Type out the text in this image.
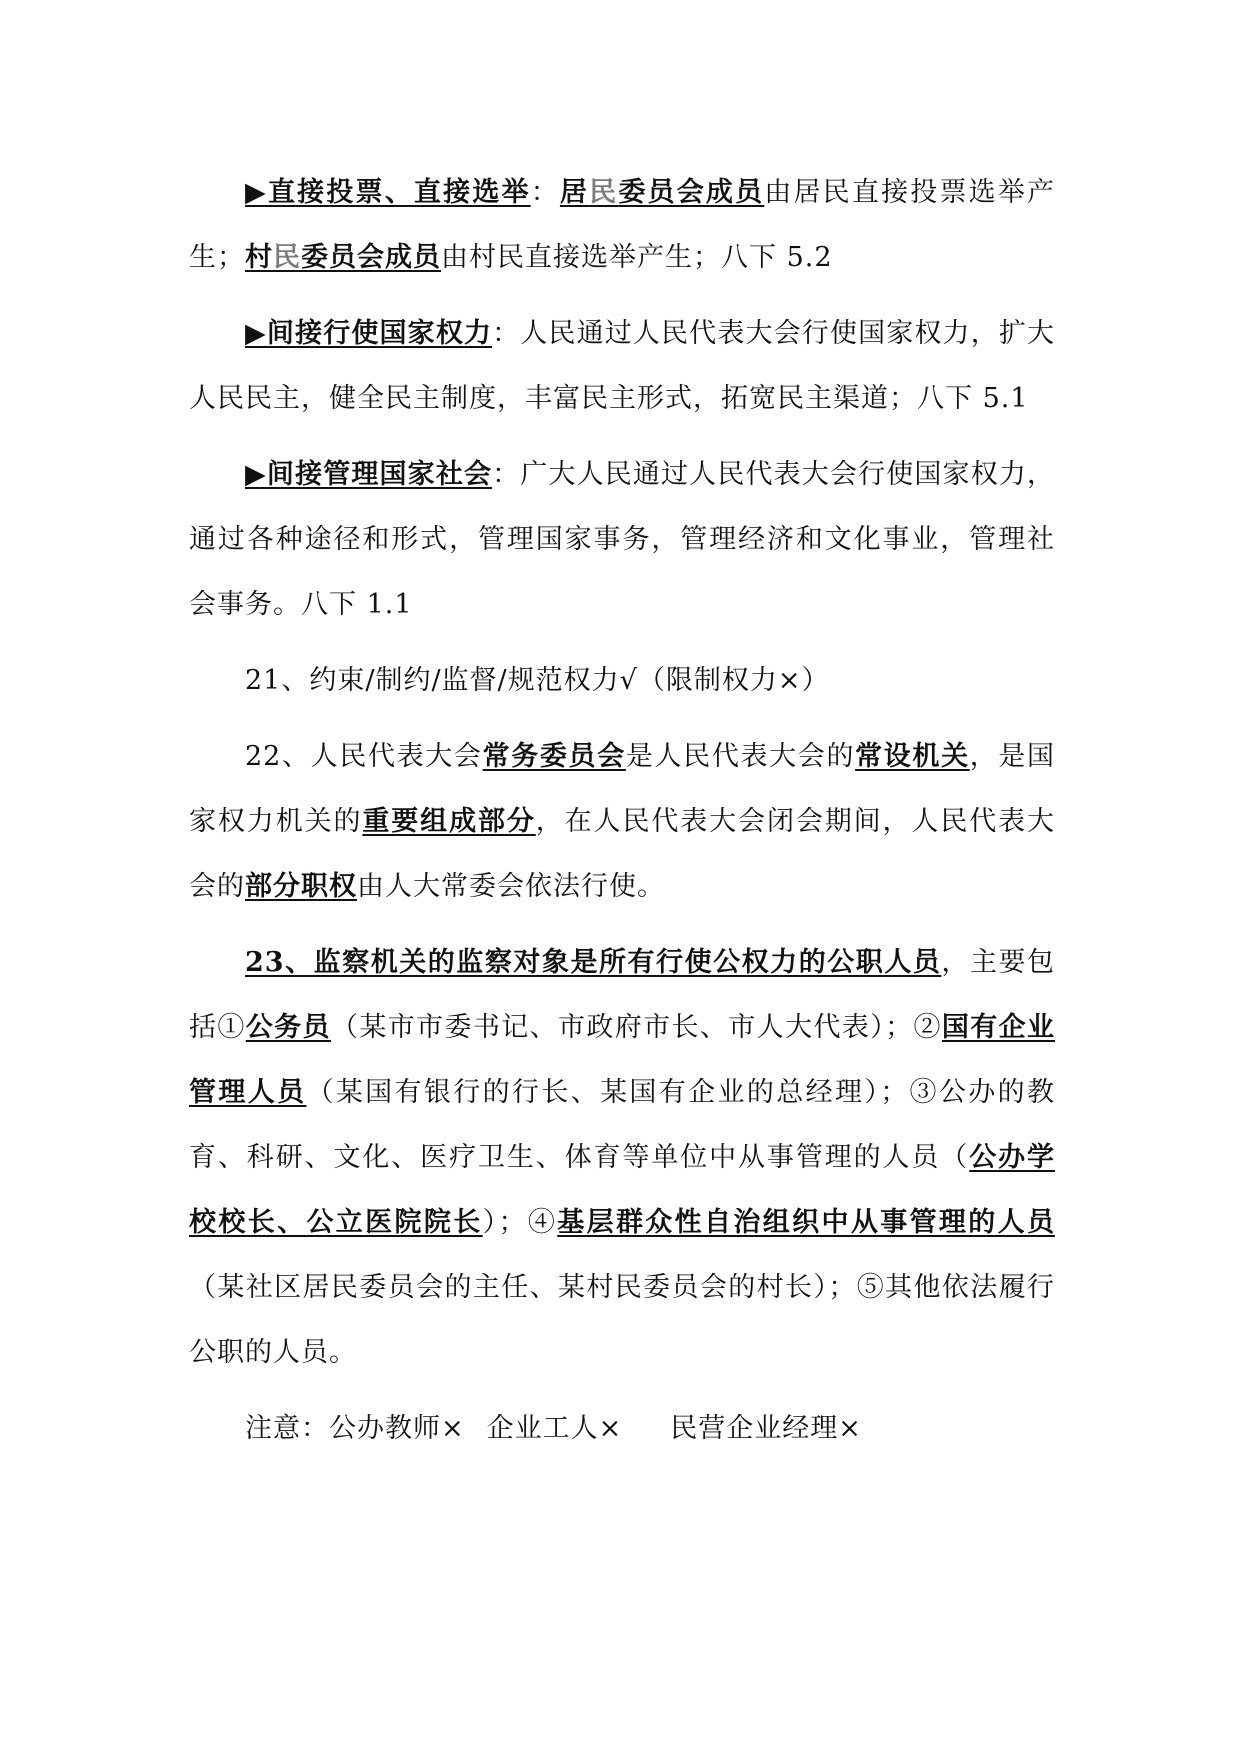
▶直接投票、直接选举：居民委员会成员由居民直接投票选举产生；村民委员会成员由村民直接选举产生；八下 5.2

▶间接行使国家权力：人民通过人民代表大会行使国家权力，扩大人民民主，健全民主制度，丰富民主形式，拓宽民主渠道；八下 5.1

▶间接管理国家社会：广大人民通过人民代表大会行使国家权力，通过各种途径和形式，管理国家事务，管理经济和文化事业，管理社会事务。八下 1.1

21、约束/制约/监督/规范权力√（限制权力×）

22、人民代表大会常务委员会是人民代表大会的常设机关，是国家权力机关的重要组成部分，在人民代表大会闭会期间，人民代表大会的部分职权由人大常委会依法行使。

23、监察机关的监察对象是所有行使公权力的公职人员，主要包括①公务员（某市市委书记、市政府市长、市人大代表）；②国有企业管理人员（某国有银行的行长、某国有企业的总经理）；③公办的教育、科研、文化、医疗卫生、体育等单位中从事管理的人员（公办学校校长、公立医院院长）；④基层群众性自治组织中从事管理的人员（某社区居民委员会的主任、某村民委员会的村长）；⑤其他依法履行公职的人员。

注意：公办教师× 企业工人× 民营企业经理×
